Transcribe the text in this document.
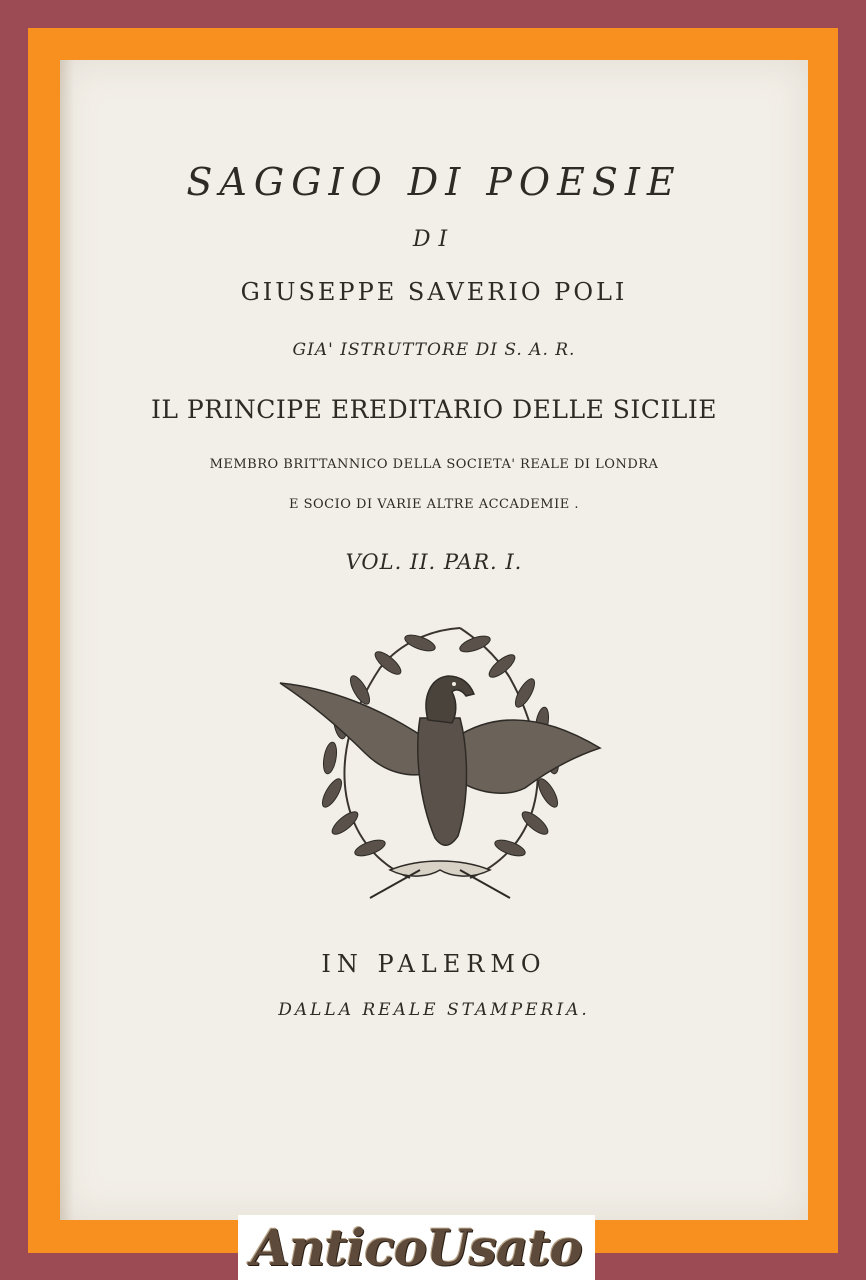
SAGGIO DI POESIE
DI
GIUSEPPE SAVERIO POLI
GIA' ISTRUTTORE DI S. A. R.
IL PRINCIPE EREDITARIO DELLE SICILIE
MEMBRO BRITTANNICO DELLA SOCIETA' REALE DI LONDRA
E SOCIO DI VARIE ALTRE ACCADEMIE .
VOL. II. PAR. I.
IN PALERMO
DALLA REALE STAMPERIA.
AnticoUsato
